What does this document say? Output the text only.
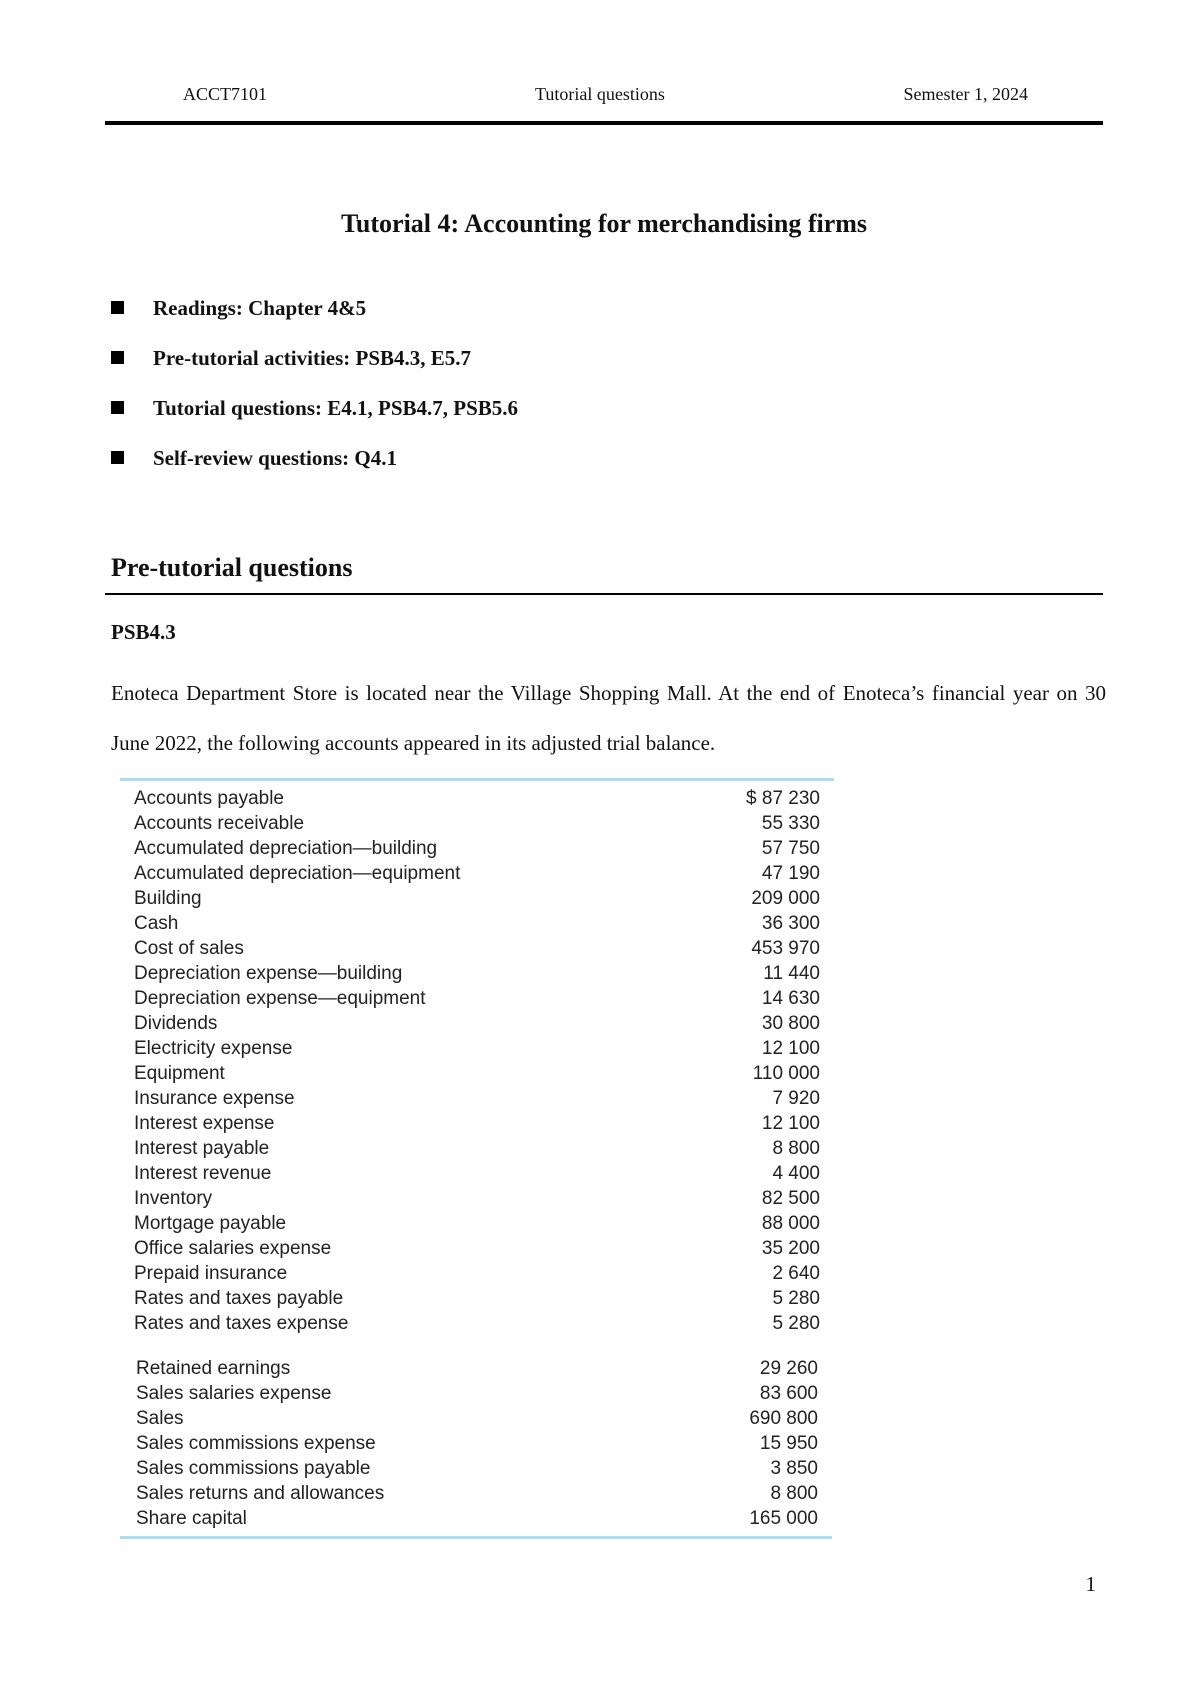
ACCT7101	Tutorial questions	Semester 1, 2024
Tutorial 4: Accounting for merchandising firms
Readings: Chapter 4&5
Pre-tutorial activities: PSB4.3, E5.7
Tutorial questions: E4.1, PSB4.7, PSB5.6
Self-review questions: Q4.1
Pre-tutorial questions
PSB4.3
Enoteca Department Store is located near the Village Shopping Mall. At the end of Enoteca’s financial year on 30 June 2022, the following accounts appeared in its adjusted trial balance.
Accounts payable	$ 87 230
Accounts receivable	55 330
Accumulated depreciation—building	57 750
Accumulated depreciation—equipment	47 190
Building	209 000
Cash	36 300
Cost of sales	453 970
Depreciation expense—building	11 440
Depreciation expense—equipment	14 630
Dividends	30 800
Electricity expense	12 100
Equipment	110 000
Insurance expense	7 920
Interest expense	12 100
Interest payable	8 800
Interest revenue	4 400
Inventory	82 500
Mortgage payable	88 000
Office salaries expense	35 200
Prepaid insurance	2 640
Rates and taxes payable	5 280
Rates and taxes expense	5 280
Retained earnings	29 260
Sales salaries expense	83 600
Sales	690 800
Sales commissions expense	15 950
Sales commissions payable	3 850
Sales returns and allowances	8 800
Share capital	165 000
1
